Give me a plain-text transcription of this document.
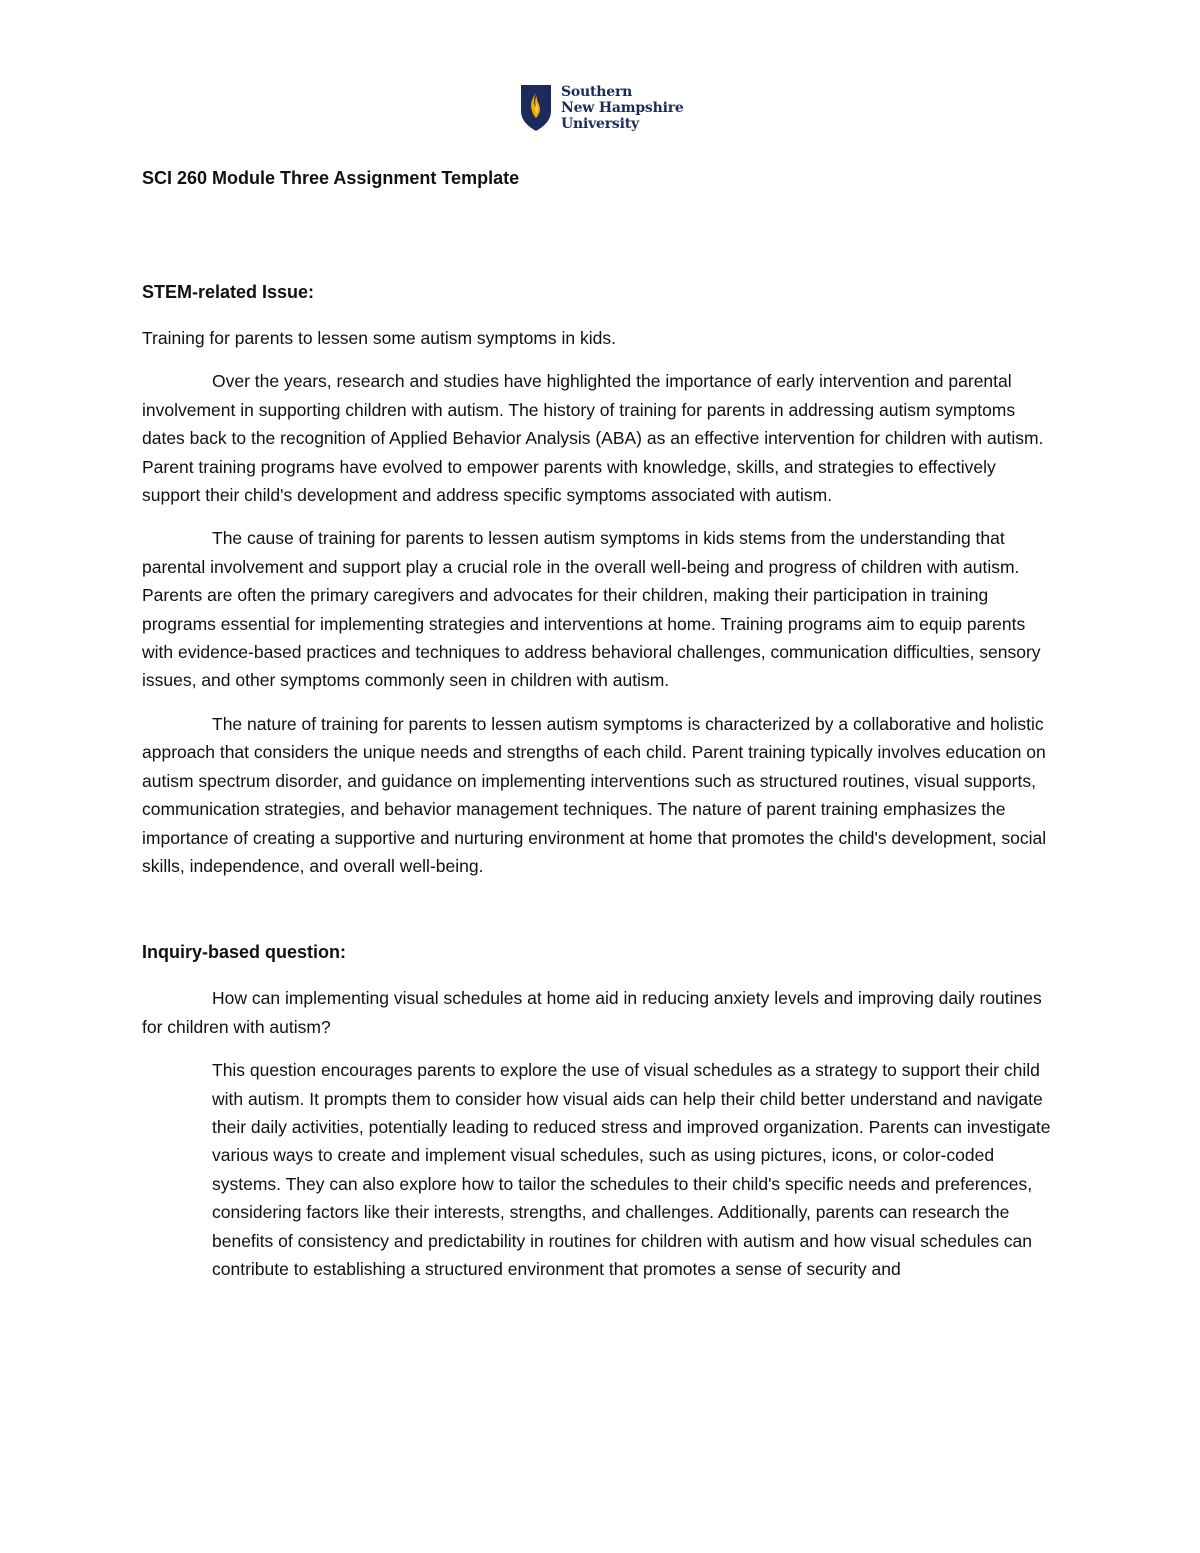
Southern
New Hampshire
University
SCI 260 Module Three Assignment Template
STEM-related Issue:

Training for parents to lessen some autism symptoms in kids.

Over the years, research and studies have highlighted the importance of early intervention and parental involvement in supporting children with autism. The history of training for parents in addressing autism symptoms dates back to the recognition of Applied Behavior Analysis (ABA) as an effective intervention for children with autism. Parent training programs have evolved to empower parents with knowledge, skills, and strategies to effectively support their child's development and address specific symptoms associated with autism.

The cause of training for parents to lessen autism symptoms in kids stems from the understanding that parental involvement and support play a crucial role in the overall well-being and progress of children with autism. Parents are often the primary caregivers and advocates for their children, making their participation in training programs essential for implementing strategies and interventions at home. Training programs aim to equip parents with evidence-based practices and techniques to address behavioral challenges, communication difficulties, sensory issues, and other symptoms commonly seen in children with autism.

The nature of training for parents to lessen autism symptoms is characterized by a collaborative and holistic approach that considers the unique needs and strengths of each child. Parent training typically involves education on autism spectrum disorder, and guidance on implementing interventions such as structured routines, visual supports, communication strategies, and behavior management techniques. The nature of parent training emphasizes the importance of creating a supportive and nurturing environment at home that promotes the child's development, social skills, independence, and overall well-being.

Inquiry-based question:

How can implementing visual schedules at home aid in reducing anxiety levels and improving daily routines for children with autism?

This question encourages parents to explore the use of visual schedules as a strategy to support their child with autism. It prompts them to consider how visual aids can help their child better understand and navigate their daily activities, potentially leading to reduced stress and improved organization. Parents can investigate various ways to create and implement visual schedules, such as using pictures, icons, or color-coded systems. They can also explore how to tailor the schedules to their child's specific needs and preferences, considering factors like their interests, strengths, and challenges. Additionally, parents can research the benefits of consistency and predictability in routines for children with autism and how visual schedules can contribute to establishing a structured environment that promotes a sense of security and
